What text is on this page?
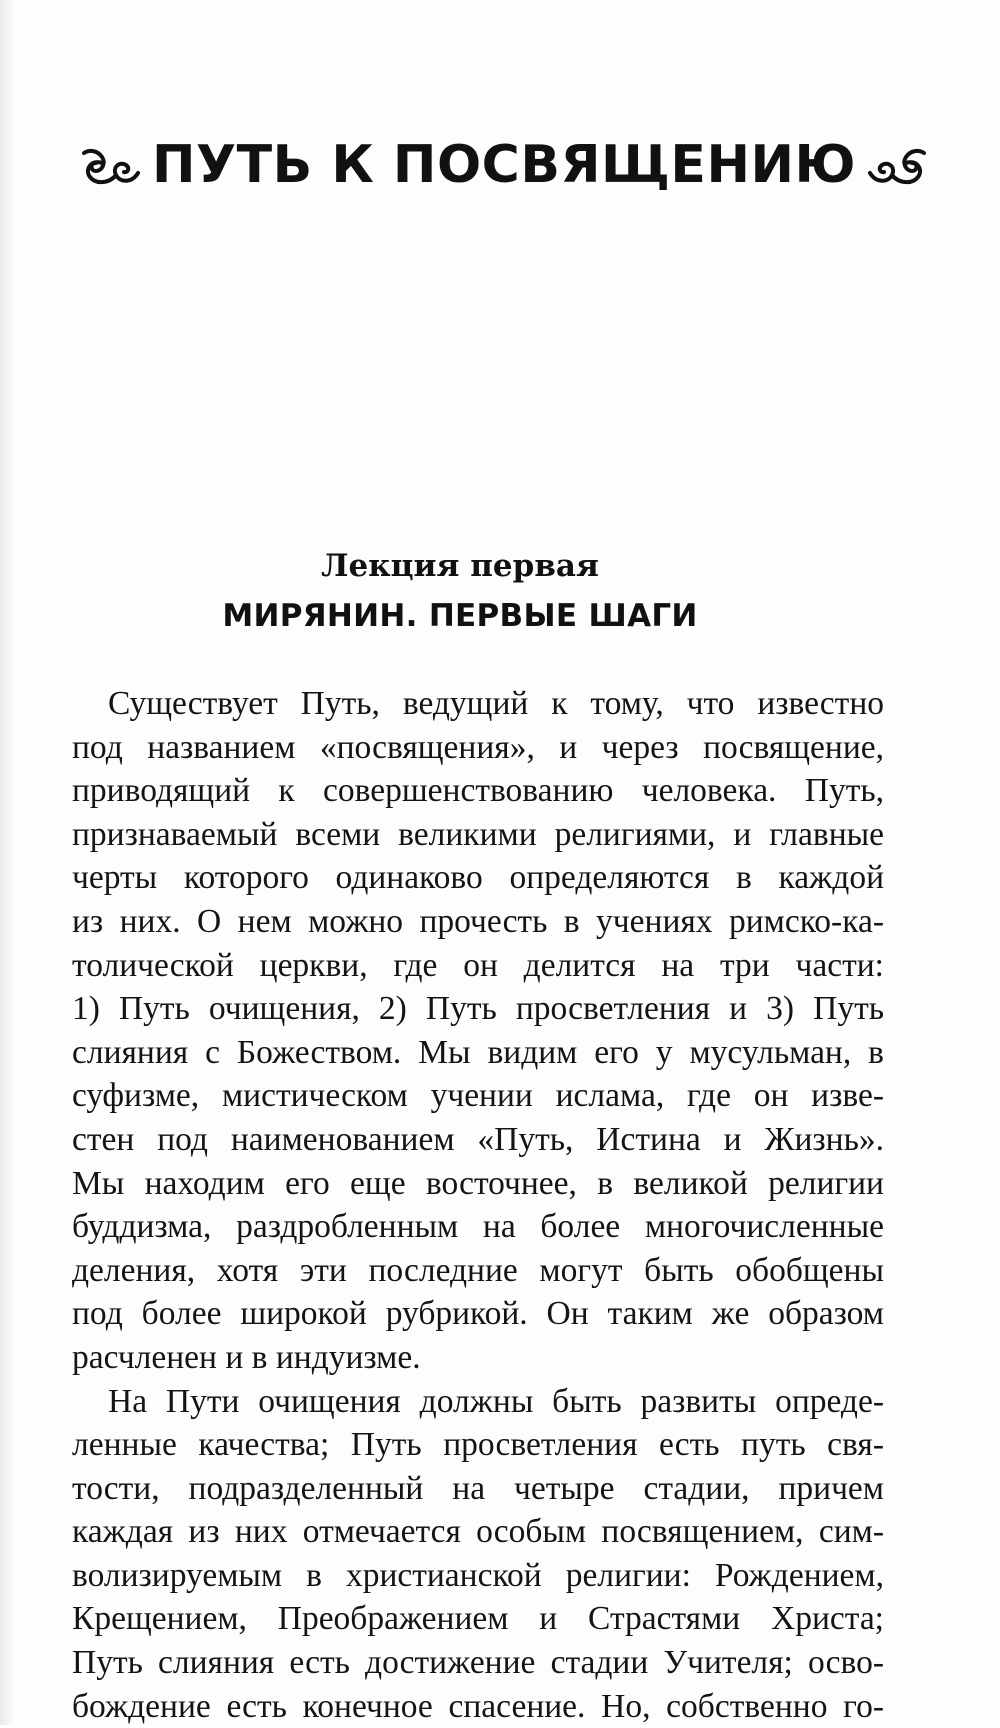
ПУТЬ К ПОСВЯЩЕНИЮ
Лекция первая
МИРЯНИН. ПЕРВЫЕ ШАГИ
Существует Путь, ведущий к тому, что известно
под названием «посвящения», и через посвящение,
приводящий к совершенствованию человека. Путь,
признаваемый всеми великими религиями, и главные
черты которого одинаково определяются в каждой
из них. О нем можно прочесть в учениях римско-ка-
толической церкви, где он делится на три части:
1) Путь очищения, 2) Путь просветления и 3) Путь
слияния с Божеством. Мы видим его у мусульман, в
суфизме, мистическом учении ислама, где он изве-
стен под наименованием «Путь, Истина и Жизнь».
Мы находим его еще восточнее, в великой религии
буддизма, раздробленным на более многочисленные
деления, хотя эти последние могут быть обобщены
под более широкой рубрикой. Он таким же образом
расчленен и в индуизме.
На Пути очищения должны быть развиты опреде-
ленные качества; Путь просветления есть путь свя-
тости, подразделенный на четыре стадии, причем
каждая из них отмечается особым посвящением, сим-
волизируемым в христианской религии: Рождением,
Крещением, Преображением и Страстями Христа;
Путь слияния есть достижение стадии Учителя; осво-
бождение есть конечное спасение. Но, собственно го-
